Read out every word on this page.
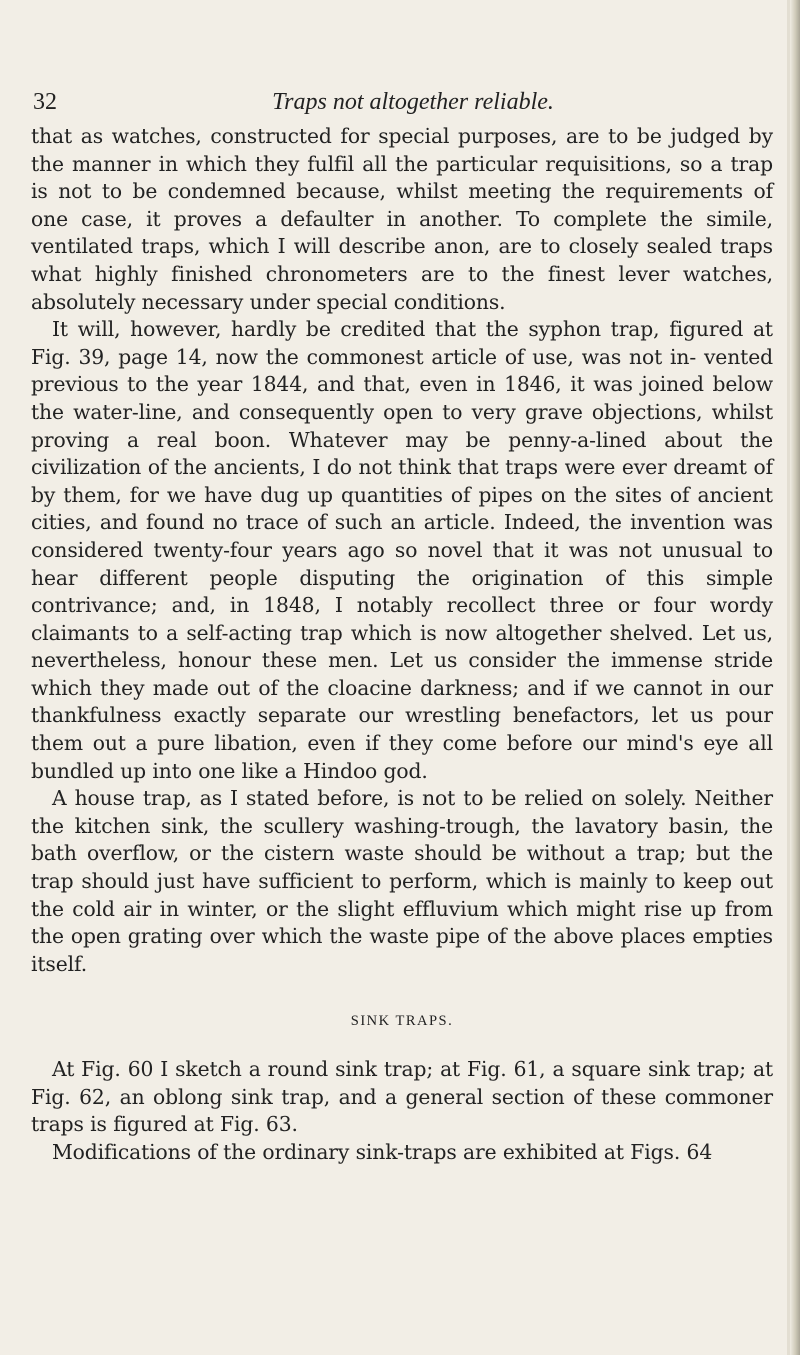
32	Traps not altogether reliable.

that as watches, constructed for special purposes, are to be judged by the manner in which they fulfil all the particular requisitions, so a trap is not to be condemned because, whilst meeting the requirements of one case, it proves a defaulter in another. To complete the simile, ventilated traps, which I will describe anon, are to closely sealed traps what highly finished chronometers are to the finest lever watches, absolutely necessary under special conditions.

It will, however, hardly be credited that the syphon trap, figured at Fig. 39, page 14, now the commonest article of use, was not in- vented previous to the year 1844, and that, even in 1846, it was joined below the water-line, and consequently open to very grave objections, whilst proving a real boon. Whatever may be penny-a-lined about the civilization of the ancients, I do not think that traps were ever dreamt of by them, for we have dug up quantities of pipes on the sites of ancient cities, and found no trace of such an article. Indeed, the invention was considered twenty-four years ago so novel that it was not unusual to hear different people disputing the origination of this simple contrivance; and, in 1848, I notably recollect three or four wordy claimants to a self-acting trap which is now altogether shelved. Let us, nevertheless, honour these men. Let us consider the immense stride which they made out of the cloacine darkness; and if we cannot in our thankfulness exactly separate our wrestling benefactors, let us pour them out a pure libation, even if they come before our mind's eye all bundled up into one like a Hindoo god.

A house trap, as I stated before, is not to be relied on solely. Neither the kitchen sink, the scullery washing-trough, the lavatory basin, the bath overflow, or the cistern waste should be without a trap; but the trap should just have sufficient to perform, which is mainly to keep out the cold air in winter, or the slight effluvium which might rise up from the open grating over which the waste pipe of the above places empties itself.

SINK TRAPS.

At Fig. 60 I sketch a round sink trap; at Fig. 61, a square sink trap; at Fig. 62, an oblong sink trap, and a general section of these commoner traps is figured at Fig. 63.

Modifications of the ordinary sink-traps are exhibited at Figs. 64
